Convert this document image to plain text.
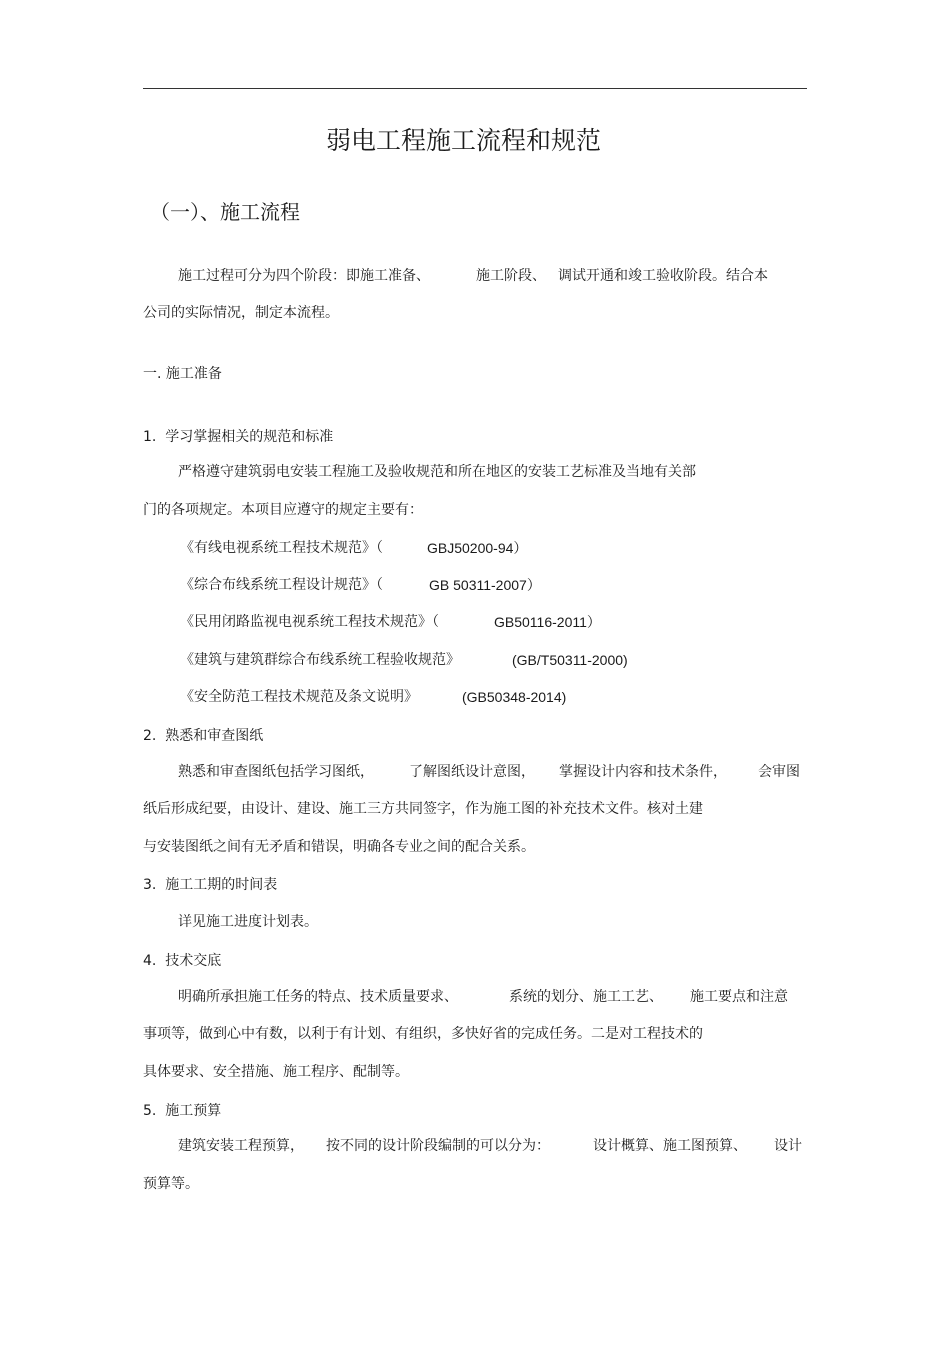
弱电工程施工流程和规范
（一）、施工流程
施工过程可分为四个阶段：即施工准备、	施工阶段、 调试开通和竣工验收阶段。结合本
公司的实际情况，制定本流程。
一. 施工准备
1.  学习掌握相关的规范和标准
严格遵守建筑弱电安装工程施工及验收规范和所在地区的安装工艺标准及当地有关部
门的各项规定。本项目应遵守的规定主要有：
《有线电视系统工程技术规范》（	GBJ50200-94）
《综合布线系统工程设计规范》（	GB 50311-2007）
《民用闭路监视电视系统工程技术规范》（	GB50116-2011）
《建筑与建筑群综合布线系统工程验收规范》	(GB/T50311-2000)
《安全防范工程技术规范及条文说明》	(GB50348-2014)
2.  熟悉和审查图纸
熟悉和审查图纸包括学习图纸，	了解图纸设计意图， 掌握设计内容和技术条件， 会审图
纸后形成纪要，由设计、建设、施工三方共同签字，作为施工图的补充技术文件。核对土建
与安装图纸之间有无矛盾和错误，明确各专业之间的配合关系。
3.  施工工期的时间表
详见施工进度计划表。
4.  技术交底
明确所承担施工任务的特点、技术质量要求、	系统的划分、施工工艺、 施工要点和注意
事项等，做到心中有数，以利于有计划、有组织，多快好省的完成任务。二是对工程技术的
具体要求、安全措施、施工程序、配制等。
5.  施工预算
建筑安装工程预算， 按不同的设计阶段编制的可以分为：	设计概算、施工图预算、 设计
预算等。
